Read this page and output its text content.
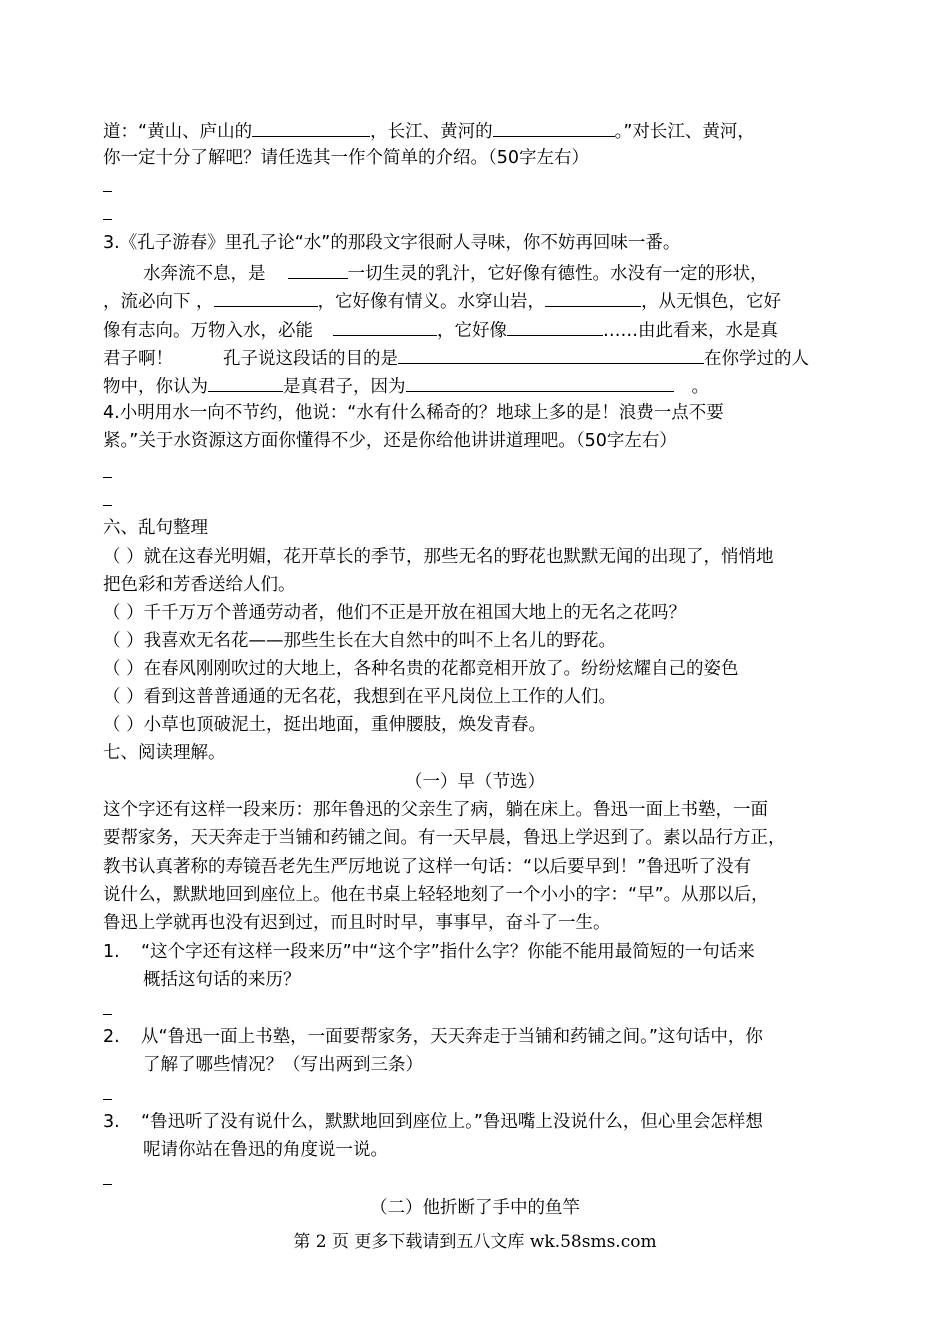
道：“黄山、庐山的	，长江、黄河的	。”对长江、黄河，
你一定十分了解吧？请任选其一作个简单的介绍。（50字左右）
3.《孔子游春》里孔子论“水”的那段文字很耐人寻味，你不妨再回味一番。
水奔流不息，是	一切生灵的乳汁，它好像有德性。水没有一定的形状，
，流必向下 ，	，它好像有情义。水穿山岩，	，从无惧色，它好
像有志向。万物入水，必能	，它好像	……由此看来，水是真
君子啊！	孔子说这段话的目的是	在你学过的人
物中，你认为	是真君子，因为	。
4.小明用水一向不节约，他说：“水有什么稀奇的？地球上多的是！浪费一点不要
紧。”关于水资源这方面你懂得不少，还是你给他讲讲道理吧。（50字左右）
六、乱句整理
（ ）就在这春光明媚，花开草长的季节，那些无名的野花也默默无闻的出现了，悄悄地
把色彩和芳香送给人们。
（ ）千千万万个普通劳动者，他们不正是开放在祖国大地上的无名之花吗？
（ ）我喜欢无名花——那些生长在大自然中的叫不上名儿的野花。
（ ）在春风刚刚吹过的大地上，各种名贵的花都竞相开放了。纷纷炫耀自己的姿色
（ ）看到这普普通通的无名花，我想到在平凡岗位上工作的人们。
（ ）小草也顶破泥土，挺出地面，重伸腰肢，焕发青春。
七、阅读理解。
（一）早（节选）
这个字还有这样一段来历：那年鲁迅的父亲生了病，躺在床上。鲁迅一面上书塾，一面
要帮家务，天天奔走于当铺和药铺之间。有一天早晨，鲁迅上学迟到了。素以品行方正，
教书认真著称的寿镜吾老先生严厉地说了这样一句话：“以后要早到！”鲁迅听了没有
说什么，默默地回到座位上。他在书桌上轻轻地刻了一个小小的字：“早”。从那以后，
鲁迅上学就再也没有迟到过，而且时时早，事事早，奋斗了一生。
1. “这个字还有这样一段来历”中“这个字”指什么字？你能不能用最简短的一句话来
概括这句话的来历？
2. 从“鲁迅一面上书塾，一面要帮家务，天天奔走于当铺和药铺之间。”这句话中，你
了解了哪些情况？（写出两到三条）
3. “鲁迅听了没有说什么，默默地回到座位上。”鲁迅嘴上没说什么，但心里会怎样想
呢请你站在鲁迅的角度说一说。
（二）他折断了手中的鱼竿
第 2 页 更多下载请到五八文库 wk.58sms.com
